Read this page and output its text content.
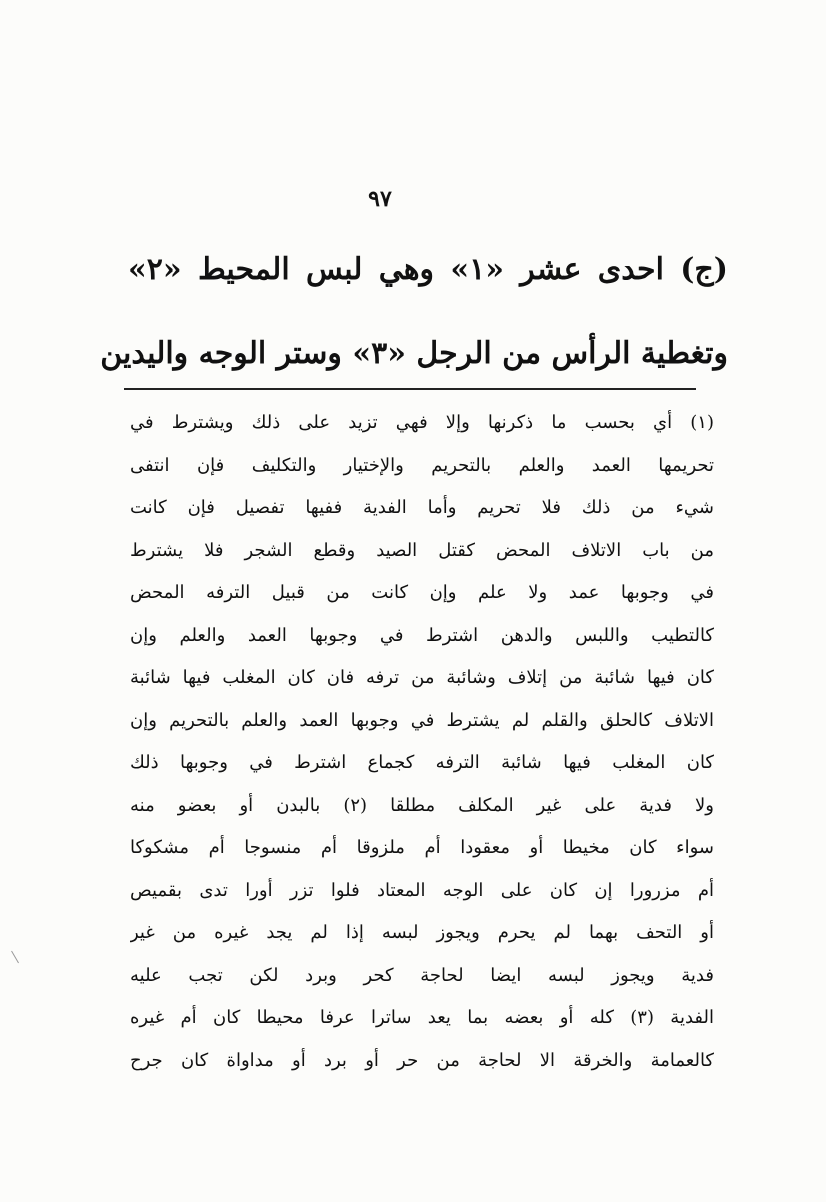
٩٧
(ج) احدى عشر «١» وهي لبس المحيط «٢»
وتغطية الرأس من الرجل «٣» وستر الوجه واليدين
(١) أي بحسب ما ذكرنها وإلا فهي تزيد على ذلك ويشترط في
تحريمها العمد والعلم بالتحريم والإختيار والتكليف فإن انتفى
شيء من ذلك فلا تحريم وأما الفدية ففيها تفصيل فإن كانت
من باب الاتلاف المحض كقتل الصيد وقطع الشجر فلا يشترط
في وجوبها عمد ولا علم وإن كانت من قبيل الترفه المحض
كالتطيب واللبس والدهن اشترط في وجوبها العمد والعلم وإن
كان فيها شائبة من إتلاف وشائبة من ترفه فان كان المغلب فيها شائبة
الاتلاف كالحلق والقلم لم يشترط في وجوبها العمد والعلم بالتحريم وإن
كان المغلب فيها شائبة الترفه كجماع اشترط في وجوبها ذلك
ولا فدية على غير المكلف مطلقا (٢) بالبدن أو بعضو منه
سواء كان مخيطا أو معقودا أم ملزوقا أم منسوجا أم مشكوكا
أم مزرورا إن كان على الوجه المعتاد فلوا تزر أورا تدى بقميص
أو التحف بهما لم يحرم ويجوز لبسه إذا لم يجد غيره من غير
فدية ويجوز لبسه ايضا لحاجة كحر وبرد لكن تجب عليه
الفدية (٣) كله أو بعضه بما يعد ساترا عرفا محيطا كان أم غيره
كالعمامة والخرقة الا لحاجة من حر أو برد أو مداواة كان جرح
